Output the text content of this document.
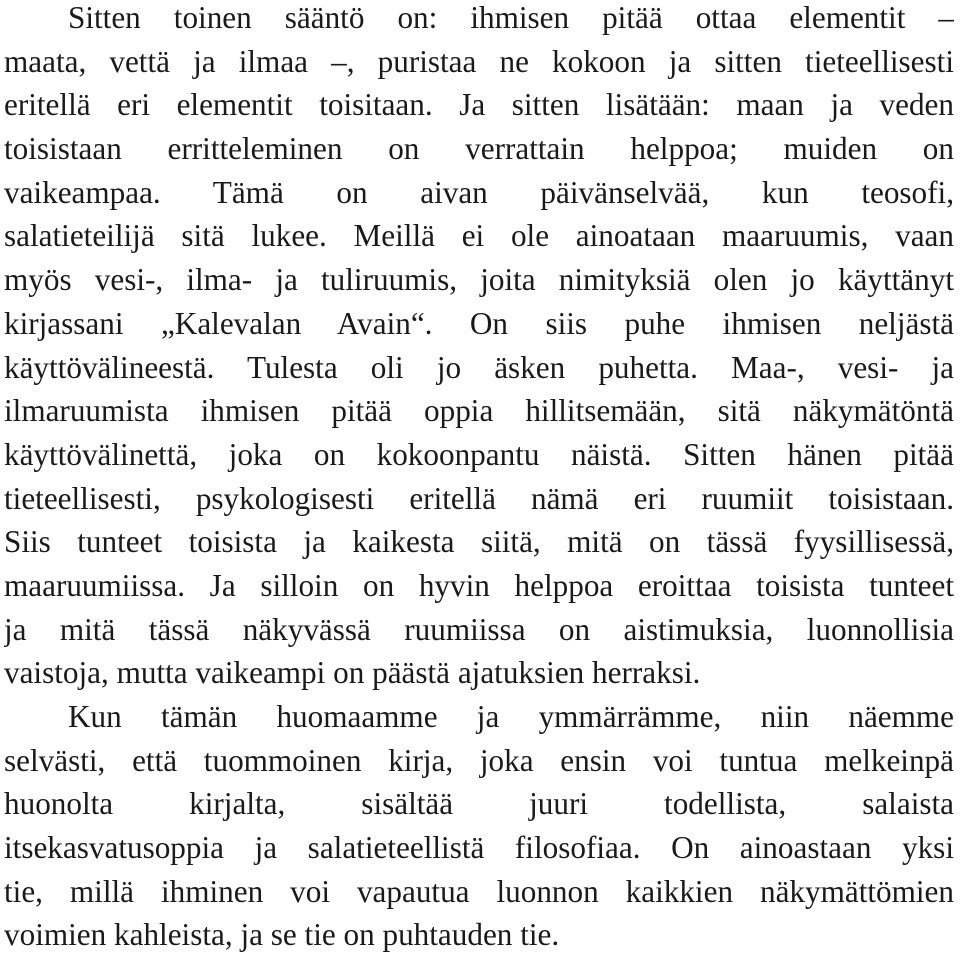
Sitten toinen sääntö on: ihmisen pitää ottaa elementit –
maata, vettä ja ilmaa –, puristaa ne kokoon ja sitten tieteellisesti
eritellä eri elementit toisitaan. Ja sitten lisätään: maan ja veden
toisistaan erritteleminen on verrattain helppoa; muiden on
vaikeampaa. Tämä on aivan päivänselvää, kun teosofi,
salatieteilijä sitä lukee. Meillä ei ole ainoataan maaruumis, vaan
myös vesi-, ilma- ja tuliruumis, joita nimityksiä olen jo käyttänyt
kirjassani „Kalevalan Avain“. On siis puhe ihmisen neljästä
käyttövälineestä. Tulesta oli jo äsken puhetta. Maa-, vesi- ja
ilmaruumista ihmisen pitää oppia hillitsemään, sitä näkymätöntä
käyttövälinettä, joka on kokoonpantu näistä. Sitten hänen pitää
tieteellisesti, psykologisesti eritellä nämä eri ruumiit toisistaan.
Siis tunteet toisista ja kaikesta siitä, mitä on tässä fyysillisessä,
maaruumiissa. Ja silloin on hyvin helppoa eroittaa toisista tunteet
ja mitä tässä näkyvässä ruumiissa on aistimuksia, luonnollisia
vaistoja, mutta vaikeampi on päästä ajatuksien herraksi.
Kun tämän huomaamme ja ymmärrämme, niin näemme
selvästi, että tuommoinen kirja, joka ensin voi tuntua melkeinpä
huonolta kirjalta, sisältää juuri todellista, salaista
itsekasvatusoppia ja salatieteellistä filosofiaa. On ainoastaan yksi
tie, millä ihminen voi vapautua luonnon kaikkien näkymättömien
voimien kahleista, ja se tie on puhtauden tie.
